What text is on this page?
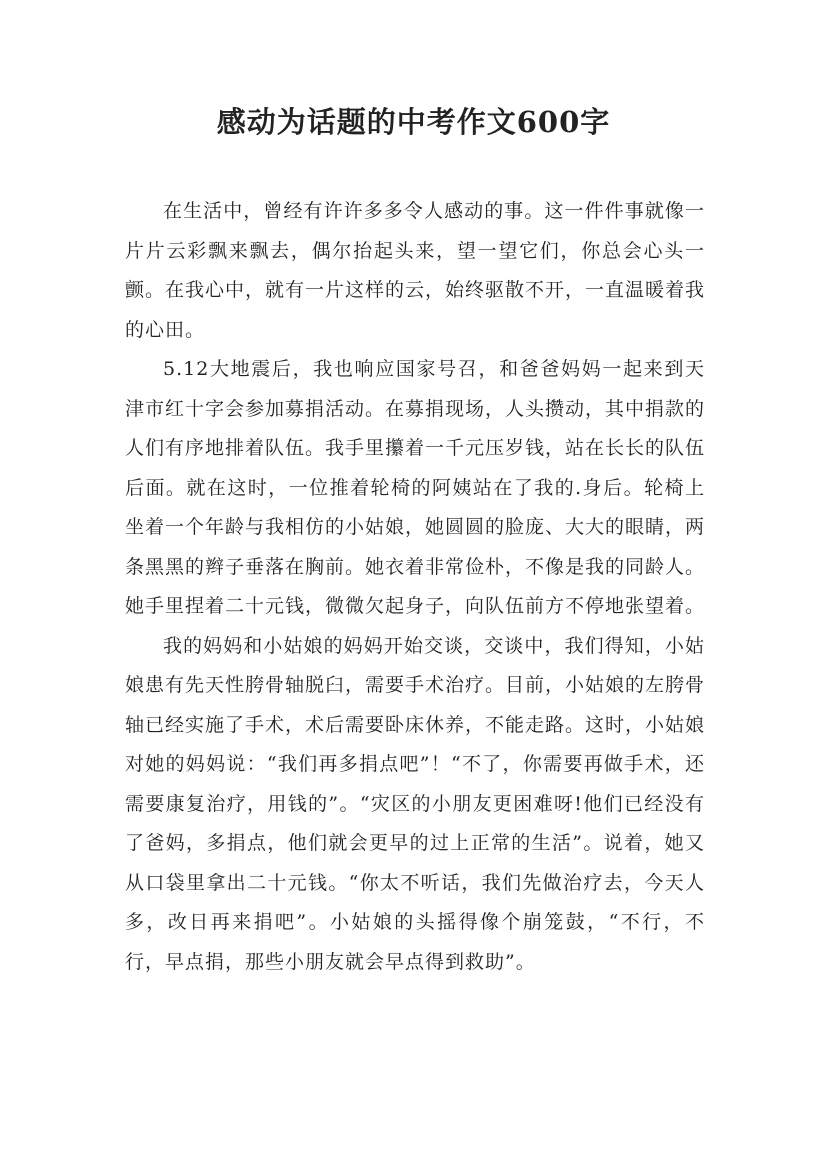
感动为话题的中考作文600字

在生活中，曾经有许许多多令人感动的事。这一件件事就像一片片云彩飘来飘去，偶尔抬起头来，望一望它们，你总会心头一颤。在我心中，就有一片这样的云，始终驱散不开，一直温暖着我的心田。

5.12大地震后，我也响应国家号召，和爸爸妈妈一起来到天津市红十字会参加募捐活动。在募捐现场，人头攒动，其中捐款的人们有序地排着队伍。我手里攥着一千元压岁钱，站在长长的队伍后面。就在这时，一位推着轮椅的阿姨站在了我的.身后。轮椅上坐着一个年龄与我相仿的小姑娘，她圆圆的脸庞、大大的眼睛，两条黑黑的辫子垂落在胸前。她衣着非常俭朴，不像是我的同龄人。她手里捏着二十元钱，微微欠起身子，向队伍前方不停地张望着。

我的妈妈和小姑娘的妈妈开始交谈，交谈中，我们得知，小姑娘患有先天性胯骨轴脱臼，需要手术治疗。目前，小姑娘的左胯骨轴已经实施了手术，术后需要卧床休养，不能走路。这时，小姑娘对她的妈妈说：“我们再多捐点吧”！“不了，你需要再做手术，还需要康复治疗，用钱的”。“灾区的小朋友更困难呀!他们已经没有了爸妈，多捐点，他们就会更早的过上正常的生活”。说着，她又从口袋里拿出二十元钱。“你太不听话，我们先做治疗去，今天人多，改日再来捐吧”。小姑娘的头摇得像个崩笼鼓，“不行，不行，早点捐，那些小朋友就会早点得到救助”。
